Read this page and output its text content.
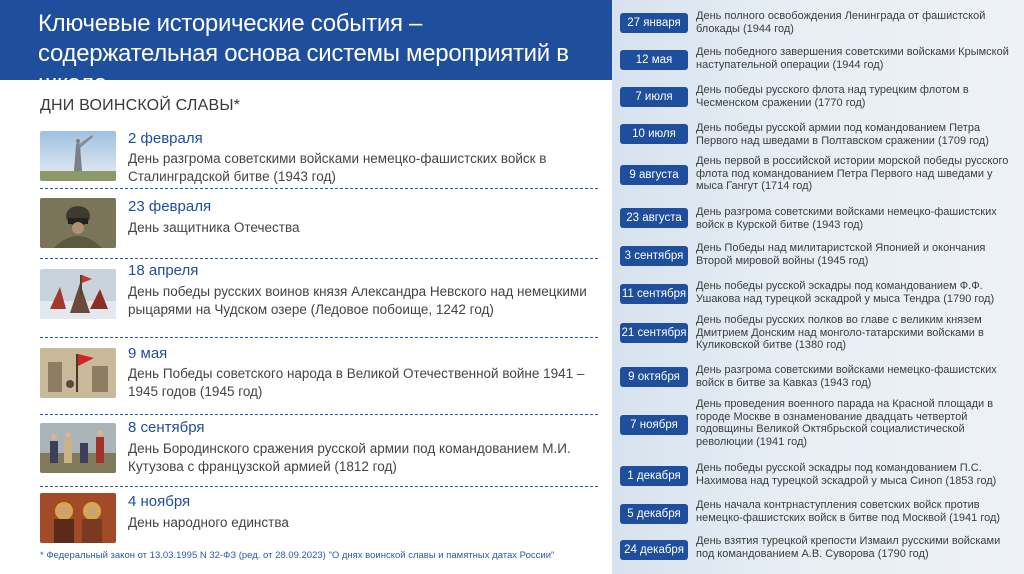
Ключевые исторические события – содержательная основа системы мероприятий в
ДНИ ВОИНСКОЙ СЛАВЫ*
2 февраля
День разгрома советскими войсками немецко-фашистских войск в Сталинградской битве (1943 год)
23 февраля
День защитника Отечества
18 апреля
День победы русских воинов князя Александра Невского над немецкими рыцарями на Чудском озере (Ледовое побоище, 1242 год)
9 мая
День Победы советского народа в Великой Отечественной войне 1941 – 1945 годов (1945 год)
8 сентября
День Бородинского сражения русской армии под командованием М.И. Кутузова с французской армией (1812 год)
4 ноября
День народного единства
* Федеральный закон от 13.03.1995 N 32-ФЗ (ред. от 28.09.2023) "О днях воинской славы и памятных датах России"
27 января
День полного освобождения Ленинграда от фашистской блокады (1944 год)
12 мая
День победного завершения советскими войсками Крымской наступательной операции (1944 год)
7 июля
День победы русского флота над турецким флотом в Чесменском сражении (1770 год)
10 июля	День победы русской армии под командованием Петра Первого над шведами в Полтавском сражении (1709 год)
9 августа
День первой в российской истории морской победы русского флота под командованием Петра Первого над шведами у мыса Гангут (1714 год)
23 августа	День разгрома советскими войсками немецко-фашистских войск в Курской битве (1943 год)
3 сентября
День Победы над милитаристской Японией и окончания Второй мировой войны (1945 год)
11 сентября
День победы русской эскадры под командованием Ф.Ф. Ушакова над турецкой эскадрой у мыса Тендра (1790 год)
21 сентября
День победы русских полков во главе с великим князем Дмитрием Донским над монголо-татарскими войсками в Куликовской битве (1380 год)
9 октября
День разгрома советскими войсками немецко-фашистских войск в битве за Кавказ (1943 год)
7 ноября
День проведения военного парада на Красной площади в городе Москве в ознаменование двадцать четвертой годовщины Великой Октябрьской социалистической революции (1941 год)
1 декабря
День победы русской эскадры под командованием П.С. Нахимова над турецкой эскадрой у мыса Синоп (1853 год)
5 декабря
День начала контрнаступления советских войск против немецко-фашистских войск в битве под Москвой (1941 год)
24 декабря
День взятия турецкой крепости Измаил русскими войсками под командованием А.В. Суворова (1790 год)
